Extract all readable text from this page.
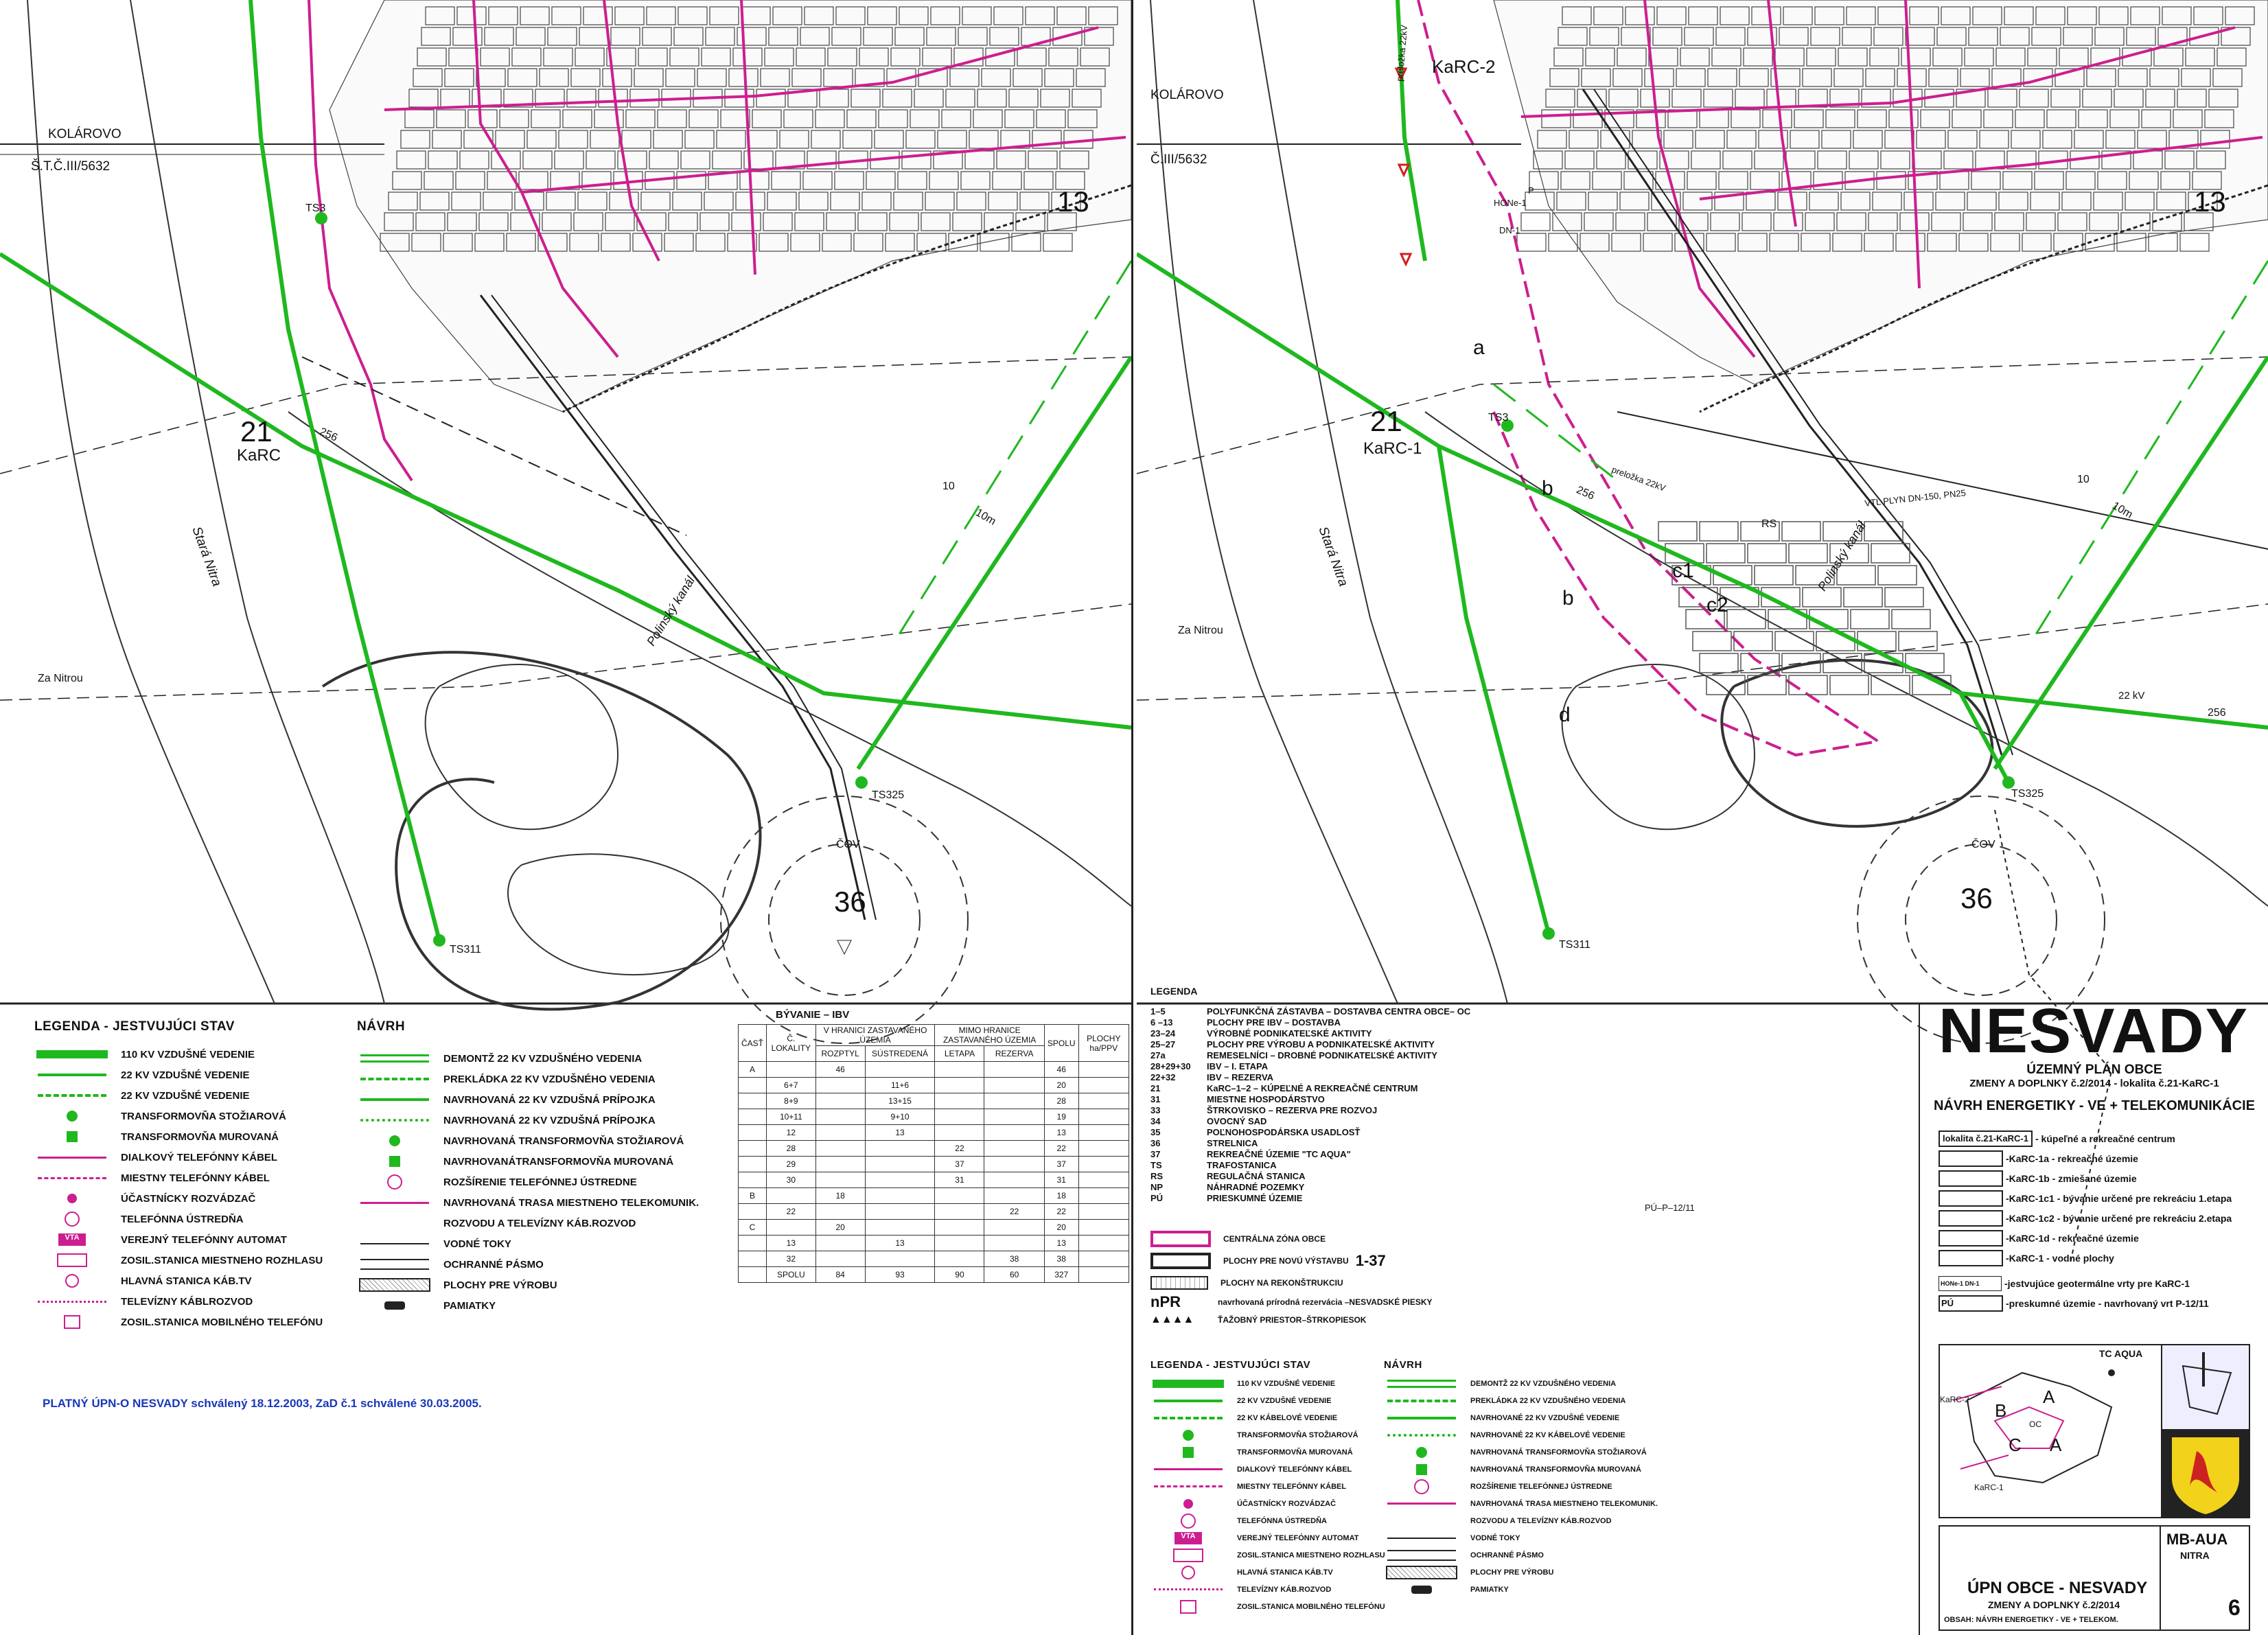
KOLÁROVO
Š.T.Č.III/5632
13
21
KaRC
TS3
TS325
TS311
ČOV
36
Stará Nitra
Za Nitrou
Polinský kanál
256
10
10m
LEGENDA - JESTVUJÚCI STAV
110 KV VZDUŠNÉ VEDENIE
22 KV VZDUŠNÉ VEDENIE
22 KV VZDUŠNÉ VEDENIE
TRANSFORMOVŇA STOŽIAROVÁ
TRANSFORMOVŇA MUROVANÁ
DIALKOVÝ TELEFÓNNY KÁBEL
MIESTNY TELEFÓNNY KÁBEL
ÚČASTNÍCKY ROZVÁDZAČ
TELEFÓNNA ÚSTREDŇA
VTA	VEREJNÝ TELEFÓNNY AUTOMAT
ZOSIL.STANICA MIESTNEHO ROZHLASU
HLAVNÁ STANICA KÁB.TV
TELEVÍZNY KÁBLROZVOD
ZOSIL.STANICA MOBILNÉHO TELEFÓNU
NÁVRH
DEMONTŽ 22 KV VZDUŠNÉHO VEDENIA
PREKLÁDKA 22 KV VZDUŠNÉHO VEDENIA
NAVRHOVANÁ 22 KV VZDUŠNÁ PRÍPOJKA
NAVRHOVANÁ 22 KV VZDUŠNÁ PRÍPOJKA
NAVRHOVANÁ TRANSFORMOVŇA STOŽIAROVÁ
NAVRHOVANÁTRANSFORMOVŇA MUROVANÁ
ROZŠÍRENIE TELEFÓNNEJ ÚSTREDNE
NAVRHOVANÁ TRASA MIESTNEHO TELEKOMUNIK.
ROZVODU A TELEVÍZNY KÁB.ROZVOD
VODNÉ TOKY
OCHRANNÉ PÁSMO
PLOCHY PRE VÝROBU
PAMIATKY
BÝVANIE – IBV
ČASŤ	Č. LOKALITY	V HRANICI ZASTAVANÉHO ÚZEMIA		MIMO HRANICE ZASTAVANÉHO ÚZEMIA		SPOLU	PLOCHY ha/PPV
		ROZPTYL	SÚSTREDENÁ	LETAPA	REZERVA		
A		46				46	
	6+7		11+6			20	
	8+9		13+15			28	
	10+11		9+10			19	
	12		13			13	
	28			22		22	
	29			37		37	
	30			31		31	
B		18				18	
	22				22	22	
C		20				20	
	13		13			13	
	32				38	38	
	SPOLU	84	93	90	60	327	
PLATNÝ ÚPN-O NESVADY schválený 18.12.2003, ZaD č.1 schválené 30.03.2005.
KOLÁROVO
Č.III/5632
KaRC-2
13
21
KaRC-1
a
b
b
c1
c2
d
TS3
TS325
TS311
ČOV
36
RS
HONe-1
DN-1
Stará Nitra
Za Nitrou
Polinský kanál
VTL PLYN DN-150, PN25
22 kV
256
256
10
10m
preložka 22kV
preložka 22kV
PÚ–P–12/11
P
LEGENDA
1–5	POLYFUNKČNÁ ZÁSTAVBA – DOSTAVBA CENTRA OBCE– OC
6 –13	PLOCHY PRE IBV – DOSTAVBA
23–24	VÝROBNÉ PODNIKATEĽSKÉ AKTIVITY
25–27	PLOCHY PRE VÝROBU A PODNIKATEĽSKÉ AKTIVITY
27a	REMESELNÍCI – DROBNÉ PODNIKATEĽSKÉ AKTIVITY
28+29+30	IBV – I. ETAPA
22+32	IBV – REZERVA
21	KaRC–1–2 – KÚPEĽNÉ A REKREAČNÉ CENTRUM
31	MIESTNE HOSPODÁRSTVO
33	ŠTRKOVISKO – REZERVA PRE ROZVOJ
34	OVOCNÝ SAD
35	POĽNOHOSPODÁRSKA USADLOSŤ
36	STRELNICA
37	REKREAČNÉ ÚZEMIE "TC AQUA"
TS	TRAFOSTANICA
RS	REGULAČNÁ STANICA
NP	NÁHRADNÉ POZEMKY
PÚ	PRIESKUMNÉ ÚZEMIE
CENTRÁLNA ZÓNA OBCE
PLOCHY PRE NOVÚ VÝSTAVBU 1-37
PLOCHY NA REKONŠTRUKCIU
nPR	navrhovaná prírodná rezervácia –NESVADSKÉ PIESKY
▲▲▲▲	ŤAŽOBNÝ PRIESTOR–ŠTRKOPIESOK
LEGENDA - JESTVUJÚCI STAV
110 KV VZDUŠNÉ VEDENIE
22 KV VZDUŠNÉ VEDENIE
22 KV KÁBELOVÉ VEDENIE
TRANSFORMOVŇA STOŽIAROVÁ
TRANSFORMOVŇA MUROVANÁ
DIALKOVÝ TELEFÓNNY KÁBEL
MIESTNY TELEFÓNNY KÁBEL
ÚČASTNÍCKY ROZVÁDZAČ
TELEFÓNNA ÚSTREDŇA
VTA	VEREJNÝ TELEFÓNNY AUTOMAT
ZOSIL.STANICA MIESTNEHO ROZHLASU
HLAVNÁ STANICA KÁB.TV
TELEVÍZNY KÁB.ROZVOD
ZOSIL.STANICA MOBILNÉHO TELEFÓNU
NÁVRH
DEMONTŽ 22 KV VZDUŠNÉHO VEDENIA
PREKLÁDKA 22 KV VZDUŠNÉHO VEDENIA
NAVRHOVANÉ 22 KV VZDUŠNÉ VEDENIE
NAVRHOVANÉ 22 KV KÁBELOVÉ VEDENIE
NAVRHOVANÁ TRANSFORMOVŇA STOŽIAROVÁ
NAVRHOVANÁ TRANSFORMOVŇA MUROVANÁ
ROZŠÍRENIE TELEFÓNNEJ ÚSTREDNE
NAVRHOVANÁ TRASA MIESTNEHO TELEKOMUNIK.
ROZVODU A TELEVÍZNY KÁB.ROZVOD
VODNÉ TOKY
OCHRANNÉ PÁSMO
PLOCHY PRE VÝROBU
PAMIATKY
NESVADY
ÚZEMNÝ PLÁN OBCE
ZMENY A DOPLNKY č.2/2014 - lokalita č.21-KaRC-1
NÁVRH ENERGETIKY - VE + TELEKOMUNIKÁCIE
lokalita č.21-KaRC-1 - kúpeľné a rekreačné centrum
-KaRC-1a - rekreačné územie
-KaRC-1b - zmiešané územie
-KaRC-1c1 - bývanie určené pre rekreáciu 1.etapa
-KaRC-1c2 - bývanie určené pre rekreáciu 2.etapa
-KaRC-1d - rekreačné územie
-KaRC-1 - vodné plochy
HONe-1 DN-1	-jestvujúce geotermálne vrty pre KaRC-1
PÚ	-preskumné územie - navrhovaný vrt P-12/11
TC AQUA
B
A
C A
OC
KaRC-2
KaRC-1
MB-AUA
NITRA
ÚPN OBCE - NESVADY
ZMENY A DOPLNKY č.2/2014
OBSAH: NÁVRH ENERGETIKY - VE + TELEKOM.	6
